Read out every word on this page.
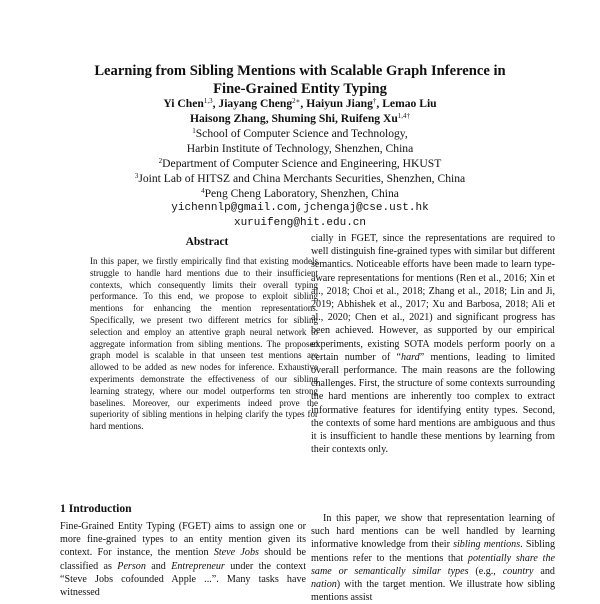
Learning from Sibling Mentions with Scalable Graph Inference in
Fine-Grained Entity Typing
Yi Chen$^{1,3}$, Jiayang Cheng$^{2∗}$, Haiyun Jiang†, Lemao Liu
Haisong Zhang, Shuming Shi, Ruifeng $Xu^{1,4\dagger}$
$^1$School of Computer Science and Technology,
Harbin Institute of Technology, Shenzhen, China
$^2$Department of Computer Science and Engineering, HKUST
$^3$Joint Lab of HITSZ and China Merchants Securities, Shenzhen, China
$^4$Peng Cheng Laboratory, Shenzhen, China
yichennlp@gmail.com,jchengaj@cse.ust.hk
xuruifeng@hit.edu.cn
Abstract
In this paper, we firstly empirically find that existing models struggle to handle hard mentions due to their insufficient contexts, which consequently limits their overall typing performance. To this end, we propose to exploit sibling mentions for enhancing the mention representations. Specifically, we present two different metrics for sibling selection and employ an attentive graph neural network to aggregate information from sibling mentions. The proposed graph model is scalable in that unseen test mentions are allowed to be added as new nodes for inference. Exhaustive experiments demonstrate the effectiveness of our sibling learning strategy, where our model outperforms ten strong baselines. Moreover, our experiments indeed prove the superiority of sibling mentions in helping clarify the types for hard mentions.
1 Introduction
Fine-Grained Entity Typing (FGET) aims to assign one or more fine-grained types to an entity mention given its context. For instance, the mention Steve Jobs should be classified as Person and Entrepreneur under the context “Steve Jobs cofounded Apple ...”. Many tasks have witnessed
cially in FGET, since the representations are required to well distinguish fine-grained types with similar but different semantics. Noticeable efforts have been made to learn type-aware representations for mentions (Ren et al., 2016; Xin et al., 2018; Choi et al., 2018; Zhang et al., 2018; Lin and Ji, 2019; Abhishek et al., 2017; Xu and Barbosa, 2018; Ali et al., 2020; Chen et al., 2021) and significant progress has been achieved. However, as supported by our empirical experiments, existing SOTA models perform poorly on a certain number of “hard” mentions, leading to limited overall performance. The main reasons are the following challenges. First, the structure of some contexts surrounding the hard mentions are inherently too complex to extract informative features for identifying entity types. Second, the contexts of some hard mentions are ambiguous and thus it is insufficient to handle these mentions by learning from their contexts only.
In this paper, we show that representation learning of such hard mentions can be well handled by learning informative knowledge from their sibling mentions. Sibling mentions refer to the mentions that potentially share the same or semantically similar types (e.g., country and nation) with the target mention. We illustrate how sibling mentions assist
